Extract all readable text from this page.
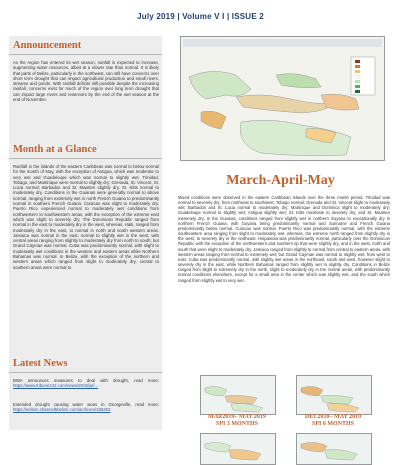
July 2019 | Volume V I | ISSUE 2
Announcement
As the region has entered its wet season, rainfall is expected to increase, augmenting water resources, albeit at a slower rate than normal. It is likely that parts of Belize, particularly in the northwest, can still have concerns over short term drought that can impact agricultural production and small rivers, streams and ponds. With rainfall deficits still possible despite the increasing rainfall, concerns exist for much of the region over long term drought that can impact large rivers and reservoirs by the end of the wet season at the end of November.
Month at a Glance
Rainfall in the islands of the eastern Caribbean was normal to below normal for the month of May, with the exception of Antigua, which was moderate to very wet and Guadeloupe which was normal to slightly wet. Trinidad, Tobago, and Martinique were normal to slightly dry; Grenada, St. Vincent, St. Lucia normal; Barbados and St. Maarten slightly dry. St. Kitts normal to moderately dry. Conditions in the Guianas were generally normal to above normal, ranging from extremely wet in north French Guiana to predominantly normal in southern French Guiana. Curacao was slight to moderately dry. Puerto Rico experienced normal to moderately wet conditions from northwestern to southwestern areas, with the exception of the extreme east which was slight to severely dry. The Dominican Republic ranged from normal in the east to moderately dry in the west, whereas, Haiti, ranged from moderately dry in the east, to normal in north and south western areas. Jamaica was normal in the east, normal to slightly wet in the west, with central areas ranging from slightly to moderately dry from north to south; but Grand Cayman was normal. Cuba was predominantly normal, with slight to moderately wet conditions in the western and eastern areas while Northern Bahamas was normal. In Belize, with the exception of the northern and western areas which ranged from slight to moderately dry, central to southern areas were normal to
Latest News
BWA announces measures to deal with drought, read more: https://www.tribune242.com/news/2019/jul/...
Extended drought causing water woes in Georgeville, read more: https://edition.channel5belize.com/archives/186253
March-April-May
Mixed conditions were observed in the eastern Caribbean islands over the three month period. Trinidad was normal to severely dry, from northeast to southwest; Tobago normal; Grenada and St. Vincent slight to moderately wet; Barbados and St. Lucia normal to moderately dry; Martinique and Dominica slight to moderately dry; Guadeloupe normal to slightly wet; Antigua slightly wet; St. Kitts moderate to severely dry, and St. Maarten extremely dry. In the Guianas, conditions ranged from slightly wet in northern Guyana to exceptionally dry in northern French Guiana, with Guyana being predominantly normal and Suriname and French Guiana predominantly below normal. Curacao was normal. Puerto Rico was predominantly normal, with the extreme southeastern area ranging from slight to moderately wet, whereas, the extreme north ranged from slightly dry in the west, to severely dry in the northeast. Hispaniola was predominantly normal, particularly over the Dominican Republic with the exception of the northwestern and southern tip that were slightly dry, and in the west, north and south that were slight to moderately dry. Jamaica ranged from slightly to normal from central to eastern areas, with western areas ranging from normal to extremely wet; but Grand Cayman was normal to slightly wet, from west to east. Cuba was predominantly normal, with slightly wet areas in the northeast, south and west, however slight to severely dry in the east, while Northern Bahamas ranged from slightly wet to slightly dry. Conditions in Belize ranged from slight to extremely dry in the north, slight to moderately dry in the central areas, with predominantly normal conditions elsewhere, except for a small area in the center which was slightly wet, and the south which ranged from slightly wet to very wet.
MAR2019– MAY 2019
SPI 3 MONTHS
DEC2018– MAY 2019
SPI 6 MONTHS
